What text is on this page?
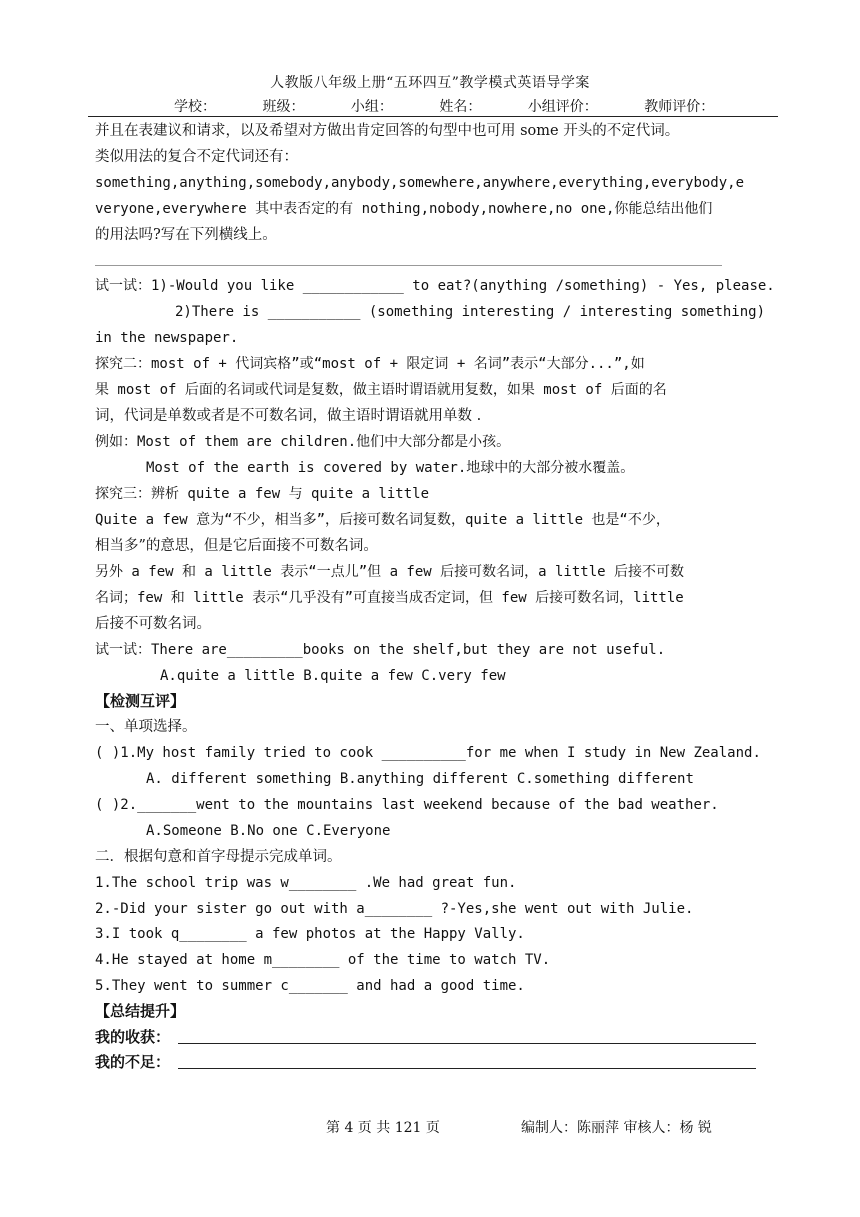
人教版八年级上册“五环四互”教学模式英语导学案
学校：	班级：	小组：	姓名：	小组评价：	教师评价：
并且在表建议和请求，以及希望对方做出肯定回答的句型中也可用 some 开头的不定代词。
类似用法的复合不定代词还有：
something,anything,somebody,anybody,somewhere,anywhere,everything,everybody,e
veryone,everywhere 其中表否定的有 nothing,nobody,nowhere,no one,你能总结出他们
的用法吗?写在下列横线上。
试一试：1)-Would you like ____________ to eat?(anything /something) - Yes, please.
2)There is ___________ (something interesting / interesting something)
in the newspaper.
探究二：most of + 代词宾格”或“most of + 限定词 + 名词”表示“大部分...”,如
果 most of 后面的名词或代词是复数，做主语时谓语就用复数，如果 most of 后面的名
词，代词是单数或者是不可数名词，做主语时谓语就用单数 .
例如：Most of them are children.他们中大部分都是小孩。
Most of the earth is covered by water.地球中的大部分被水覆盖。
探究三：辨析 quite a few 与 quite a little
Quite a few 意为“不少，相当多”，后接可数名词复数，quite a little 也是“不少，
相当多”的意思，但是它后面接不可数名词。
另外 a few 和 a little 表示“一点儿”但 a few 后接可数名词，a little 后接不可数
名词；few 和 little 表示“几乎没有”可直接当成否定词，但 few 后接可数名词，little
后接不可数名词。
试一试：There are_________books on the shelf,but they are not useful.
A.quite a little B.quite a few C.very few
【检测互评】
一、单项选择。
( )1.My host family tried to cook __________for me when I study in New Zealand.
A. different something B.anything different C.something different
( )2._______went to the mountains last weekend because of the bad weather.
A.Someone B.No one C.Everyone
二．根据句意和首字母提示完成单词。
1.The school trip was w________ .We had great fun.
2.-Did your sister go out with a________ ?-Yes,she went out with Julie.
3.I took q________ a few photos at the Happy Vally.
4.He stayed at home m________ of the time to watch TV.
5.They went to summer c_______ and had a good time.
【总结提升】
我的收获：
我的不足：
第 4 页 共 121 页	编制人：陈丽萍 审核人：杨 锐
